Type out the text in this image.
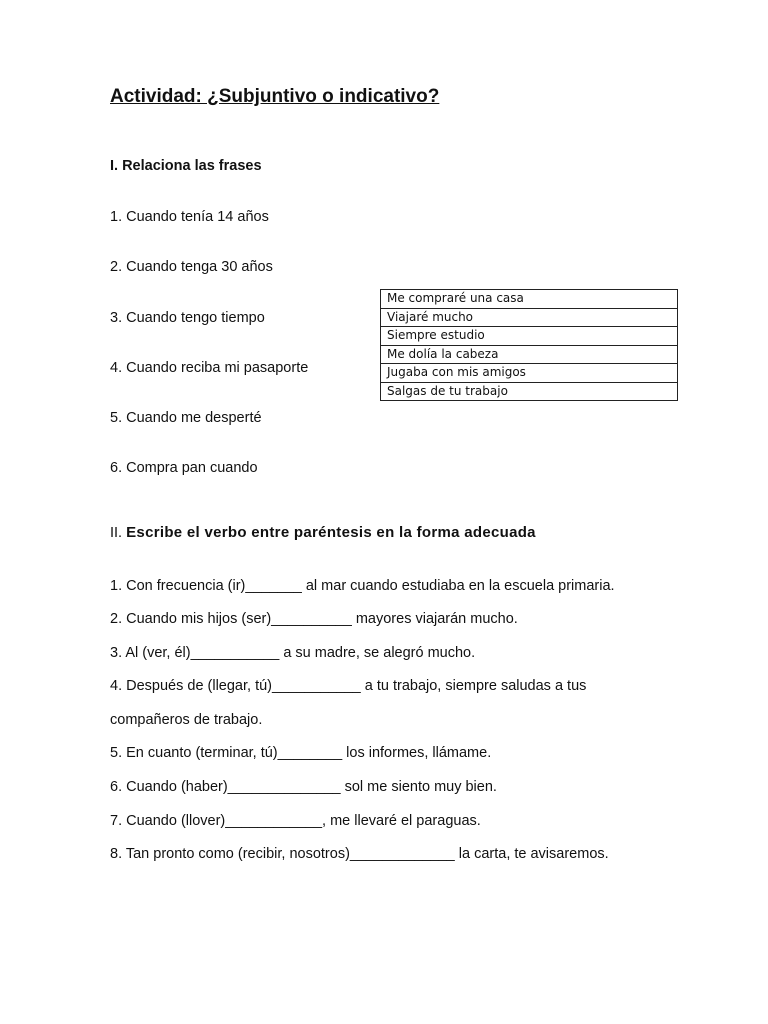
Actividad: ¿Subjuntivo o indicativo?

I. Relaciona las frases

1. Cuando tenía 14 años

2. Cuando tenga 30 años

3. Cuando tengo tiempo

4. Cuando reciba mi pasaporte

5. Cuando me desperté

6. Compra pan cuando

Me compraré una casa
Viajaré mucho
Siempre estudio
Me dolía la cabeza
Jugaba con mis amigos
Salgas de tu trabajo

II. Escribe el verbo entre paréntesis en la forma adecuada

1. Con frecuencia (ir)_______ al mar cuando estudiaba en la escuela primaria.

2. Cuando mis hijos (ser)__________ mayores viajarán mucho.

3. Al (ver, él)___________ a su madre, se alegró mucho.

4. Después de (llegar, tú)___________ a tu trabajo, siempre saludas a tus

compañeros de trabajo.

5. En cuanto (terminar, tú)________ los informes, llámame.

6. Cuando (haber)______________ sol me siento muy bien.

7. Cuando (llover)____________, me llevaré el paraguas.

8. Tan pronto como (recibir, nosotros)_____________ la carta, te avisaremos.
